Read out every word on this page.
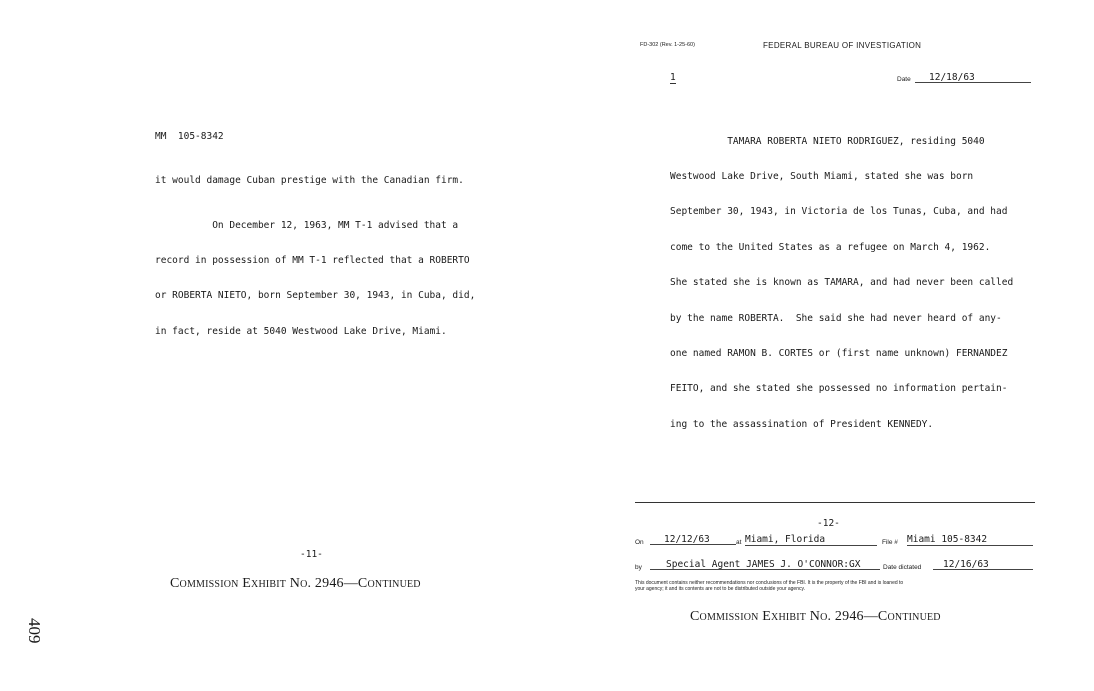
MM  105-8342
it would damage Cuban prestige with the Canadian firm.

On December 12, 1963, MM T-1 advised that a

record in possession of MM T-1 reflected that a ROBERTO

or ROBERTA NIETO, born September 30, 1943, in Cuba, did,

in fact, reside at 5040 Westwood Lake Drive, Miami.

-11-
Commission Exhibit No. 2946—Continued
409
FD-302 (Rev. 1-25-60)	FEDERAL BUREAU OF INVESTIGATION
1	Date	12/18/63

TAMARA ROBERTA NIETO RODRIGUEZ, residing 5040

Westwood Lake Drive, South Miami, stated she was born

September 30, 1943, in Victoria de los Tunas, Cuba, and had

come to the United States as a refugee on March 4, 1962.

She stated she is known as TAMARA, and had never been called

by the name ROBERTA.  She said she had never heard of any-

one named RAMON B. CORTES or (first name unknown) FERNANDEZ

FEITO, and she stated she possessed no information pertain-

ing to the assassination of President KENNEDY.

-12-
On	12/12/63	at Miami, Florida	File # Miami 105-8342
by	Special Agent JAMES J. O'CONNOR:GX	Date dictated	12/16/63
This document contains neither recommendations nor conclusions of the FBI. It is the property of the FBI and is loaned to
your agency; it and its contents are not to be distributed outside your agency.
Commission Exhibit No. 2946—Continued
